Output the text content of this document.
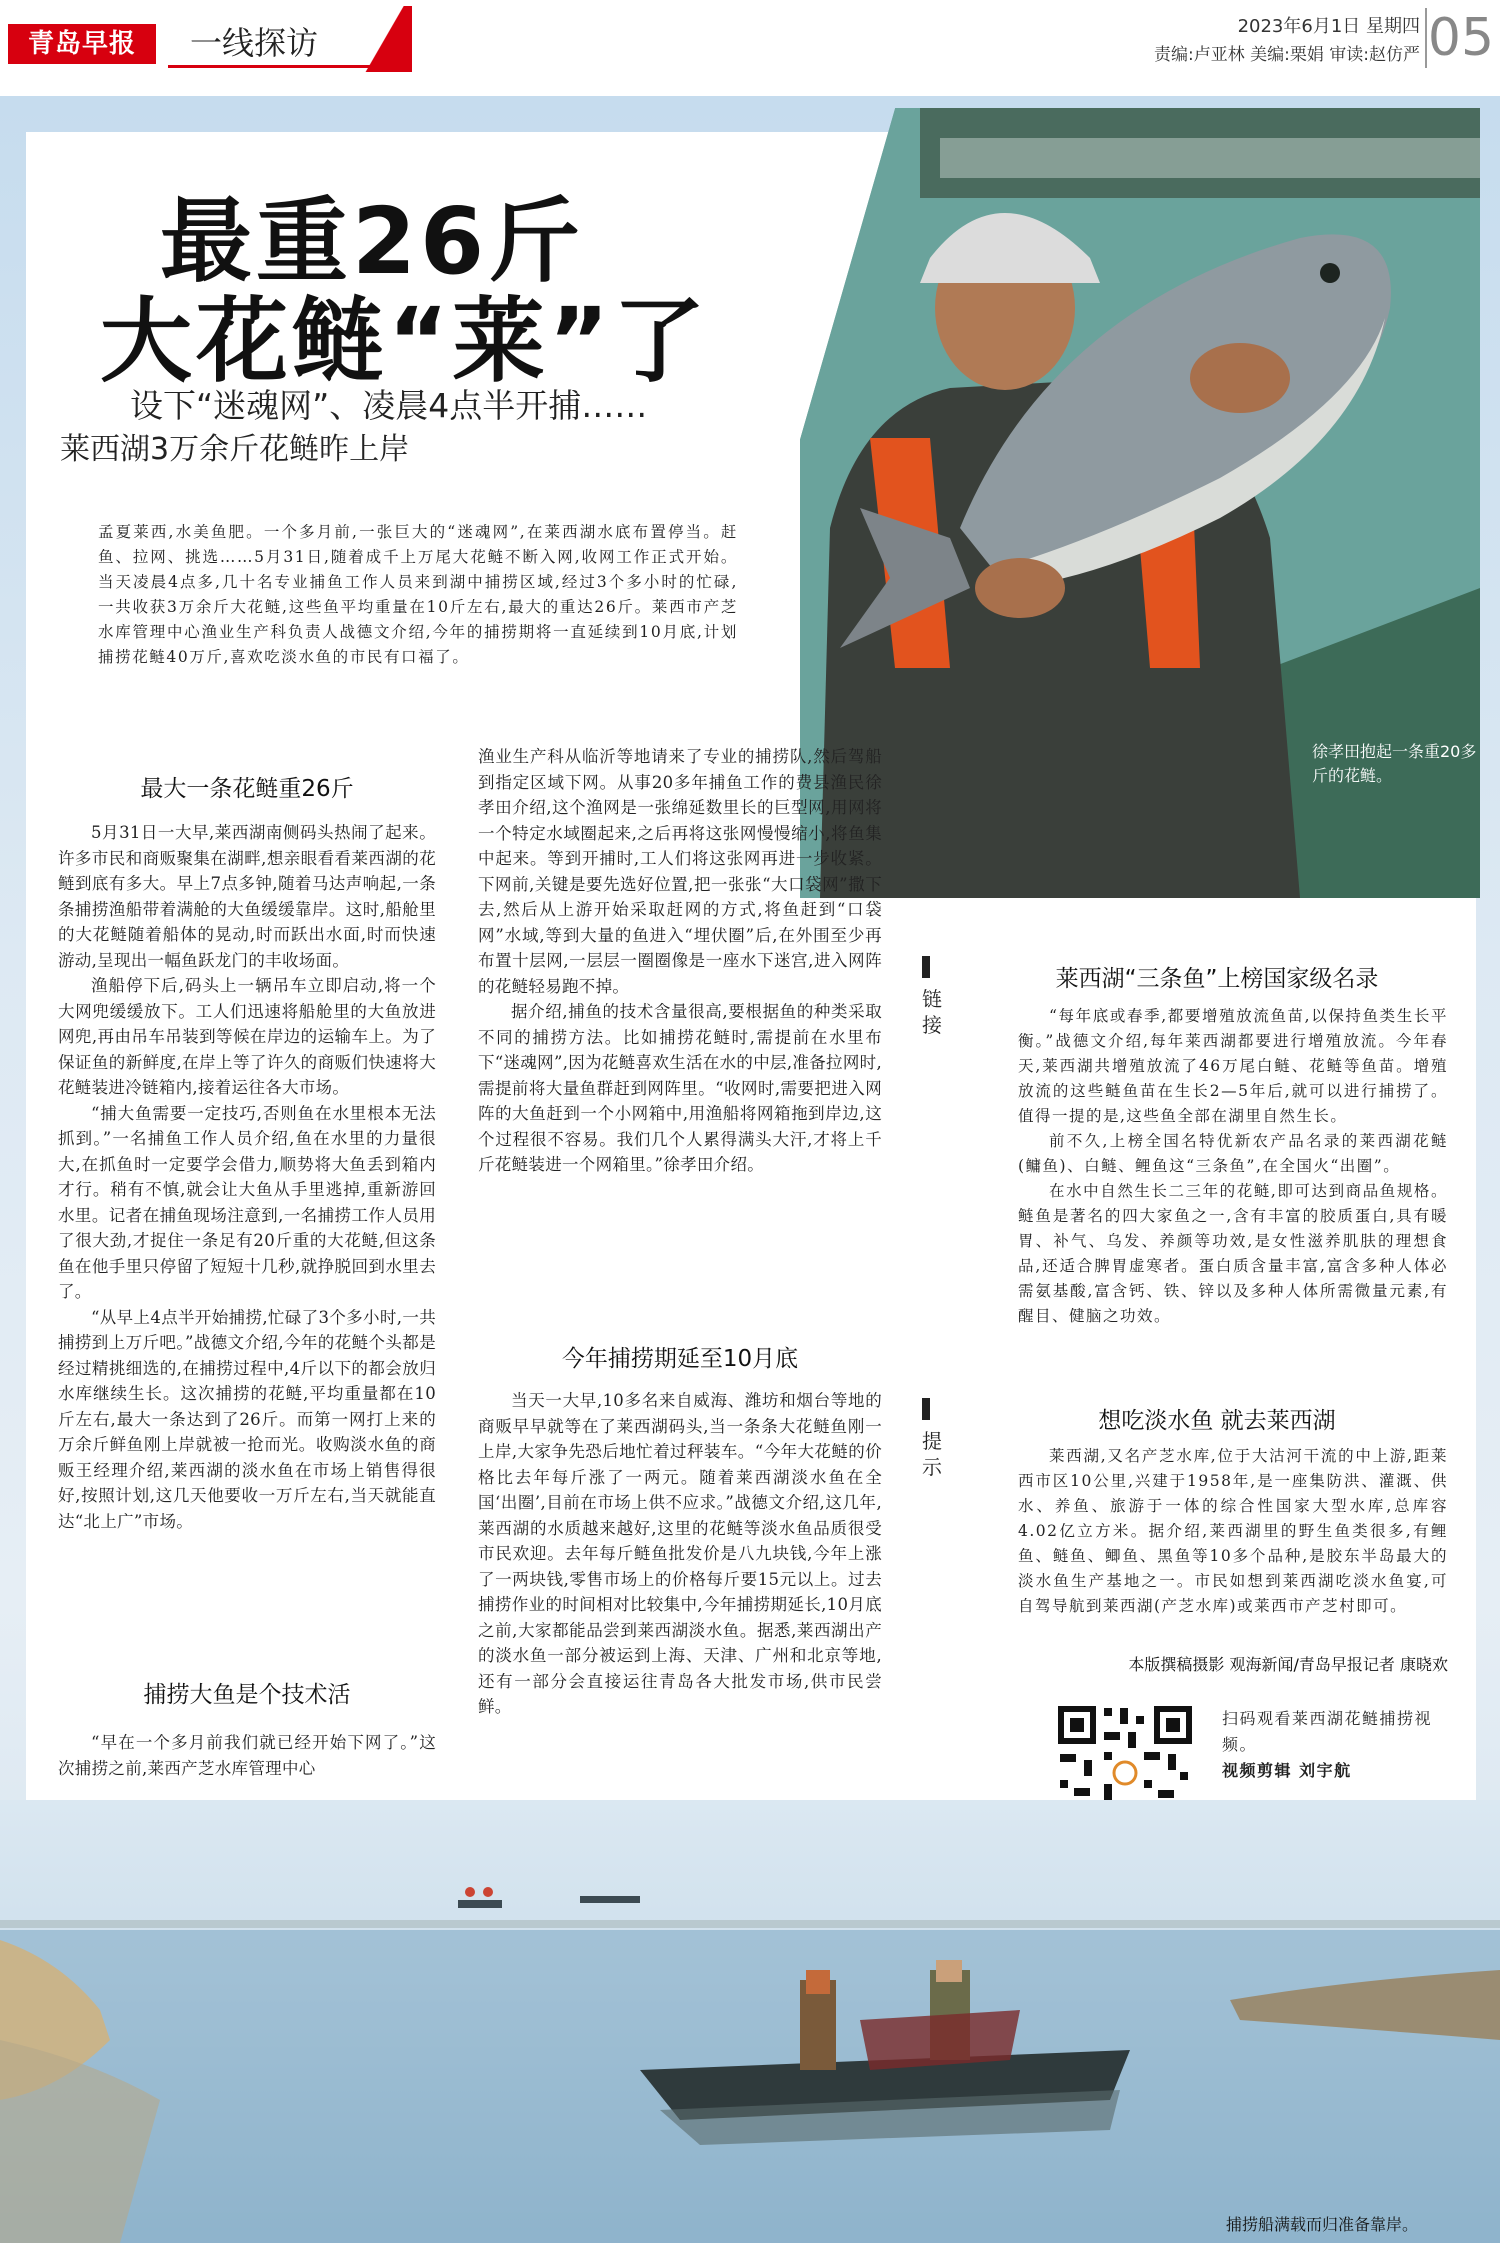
青岛早报	一线探访	2023年6月1日 星期四
责编:卢亚林 美编:栗娟 审读:赵仿严 05
徐孝田抱起一条重20多斤的花鲢。
最重26斤
大花鲢“莱”了
设下“迷魂网”、凌晨4点半开捕……
莱西湖3万余斤花鲢昨上岸
孟夏莱西,水美鱼肥。一个多月前,一张巨大的“迷魂网”,在莱西湖水底布置停当。赶鱼、拉网、挑选……5月31日,随着成千上万尾大花鲢不断入网,收网工作正式开始。当天凌晨4点多,几十名专业捕鱼工作人员来到湖中捕捞区域,经过3个多小时的忙碌,一共收获3万余斤大花鲢,这些鱼平均重量在10斤左右,最大的重达26斤。莱西市产芝水库管理中心渔业生产科负责人战德文介绍,今年的捕捞期将一直延续到10月底,计划捕捞花鲢40万斤,喜欢吃淡水鱼的市民有口福了。
最大一条花鲢重26斤

5月31日一大早,莱西湖南侧码头热闹了起来。许多市民和商贩聚集在湖畔,想亲眼看看莱西湖的花鲢到底有多大。早上7点多钟,随着马达声响起,一条条捕捞渔船带着满舱的大鱼缓缓靠岸。这时,船舱里的大花鲢随着船体的晃动,时而跃出水面,时而快速游动,呈现出一幅鱼跃龙门的丰收场面。

渔船停下后,码头上一辆吊车立即启动,将一个大网兜缓缓放下。工人们迅速将船舱里的大鱼放进网兜,再由吊车吊装到等候在岸边的运输车上。为了保证鱼的新鲜度,在岸上等了许久的商贩们快速将大花鲢装进冷链箱内,接着运往各大市场。

“捕大鱼需要一定技巧,否则鱼在水里根本无法抓到。”一名捕鱼工作人员介绍,鱼在水里的力量很大,在抓鱼时一定要学会借力,顺势将大鱼丢到箱内才行。稍有不慎,就会让大鱼从手里逃掉,重新游回水里。记者在捕鱼现场注意到,一名捕捞工作人员用了很大劲,才捉住一条足有20斤重的大花鲢,但这条鱼在他手里只停留了短短十几秒,就挣脱回到水里去了。

“从早上4点半开始捕捞,忙碌了3个多小时,一共捕捞到上万斤吧。”战德文介绍,今年的花鲢个头都是经过精挑细选的,在捕捞过程中,4斤以下的都会放归水库继续生长。这次捕捞的花鲢,平均重量都在10斤左右,最大一条达到了26斤。而第一网打上来的万余斤鲜鱼刚上岸就被一抢而光。收购淡水鱼的商贩王经理介绍,莱西湖的淡水鱼在市场上销售得很好,按照计划,这几天他要收一万斤左右,当天就能直达“北上广”市场。

捕捞大鱼是个技术活

“早在一个多月前我们就已经开始下网了。”这次捕捞之前,莱西产芝水库管理中心

渔业生产科从临沂等地请来了专业的捕捞队,然后驾船到指定区域下网。从事20多年捕鱼工作的费县渔民徐孝田介绍,这个渔网是一张绵延数里长的巨型网,用网将一个特定水域圈起来,之后再将这张网慢慢缩小,将鱼集中起来。等到开捕时,工人们将这张网再进一步收紧。下网前,关键是要先选好位置,把一张张“大口袋网”撒下去,然后从上游开始采取赶网的方式,将鱼赶到“口袋网”水域,等到大量的鱼进入“埋伏圈”后,在外围至少再布置十层网,一层层一圈圈像是一座水下迷宫,进入网阵的花鲢轻易跑不掉。

据介绍,捕鱼的技术含量很高,要根据鱼的种类采取不同的捕捞方法。比如捕捞花鲢时,需提前在水里布下“迷魂网”,因为花鲢喜欢生活在水的中层,准备拉网时,需提前将大量鱼群赶到网阵里。“收网时,需要把进入网阵的大鱼赶到一个小网箱中,用渔船将网箱拖到岸边,这个过程很不容易。我们几个人累得满头大汗,才将上千斤花鲢装进一个网箱里。”徐孝田介绍。

今年捕捞期延至10月底

当天一大早,10多名来自威海、潍坊和烟台等地的商贩早早就等在了莱西湖码头,当一条条大花鲢鱼刚一上岸,大家争先恐后地忙着过秤装车。“今年大花鲢的价格比去年每斤涨了一两元。随着莱西湖淡水鱼在全国‘出圈’,目前在市场上供不应求。”战德文介绍,这几年,莱西湖的水质越来越好,这里的花鲢等淡水鱼品质很受市民欢迎。去年每斤鲢鱼批发价是八九块钱,今年上涨了一两块钱,零售市场上的价格每斤要15元以上。过去捕捞作业的时间相对比较集中,今年捕捞期延长,10月底之前,大家都能品尝到莱西湖淡水鱼。据悉,莱西湖出产的淡水鱼一部分被运到上海、天津、广州和北京等地,还有一部分会直接运往青岛各大批发市场,供市民尝鲜。

链接
莱西湖“三条鱼”上榜国家级名录

“每年底或春季,都要增殖放流鱼苗,以保持鱼类生长平衡。”战德文介绍,每年莱西湖都要进行增殖放流。今年春天,莱西湖共增殖放流了46万尾白鲢、花鲢等鱼苗。增殖放流的这些鲢鱼苗在生长2—5年后,就可以进行捕捞了。值得一提的是,这些鱼全部在湖里自然生长。

前不久,上榜全国名特优新农产品名录的莱西湖花鲢(鳙鱼)、白鲢、鲤鱼这“三条鱼”,在全国火“出圈”。

在水中自然生长二三年的花鲢,即可达到商品鱼规格。鲢鱼是著名的四大家鱼之一,含有丰富的胶质蛋白,具有暖胃、补气、乌发、养颜等功效,是女性滋养肌肤的理想食品,还适合脾胃虚寒者。蛋白质含量丰富,富含多种人体必需氨基酸,富含钙、铁、锌以及多种人体所需微量元素,有醒目、健脑之功效。

提示
想吃淡水鱼 就去莱西湖

莱西湖,又名产芝水库,位于大沽河干流的中上游,距莱西市区10公里,兴建于1958年,是一座集防洪、灌溉、供水、养鱼、旅游于一体的综合性国家大型水库,总库容4.02亿立方米。据介绍,莱西湖里的野生鱼类很多,有鲤鱼、鲢鱼、鲫鱼、黑鱼等10多个品种,是胶东半岛最大的淡水鱼生产基地之一。市民如想到莱西湖吃淡水鱼宴,可自驾导航到莱西湖(产芝水库)或莱西市产芝村即可。

本版撰稿摄影 观海新闻/青岛早报记者 康晓欢
扫码观看莱西湖花鲢捕捞视频。
视频剪辑 刘宇航
捕捞船满载而归准备靠岸。
